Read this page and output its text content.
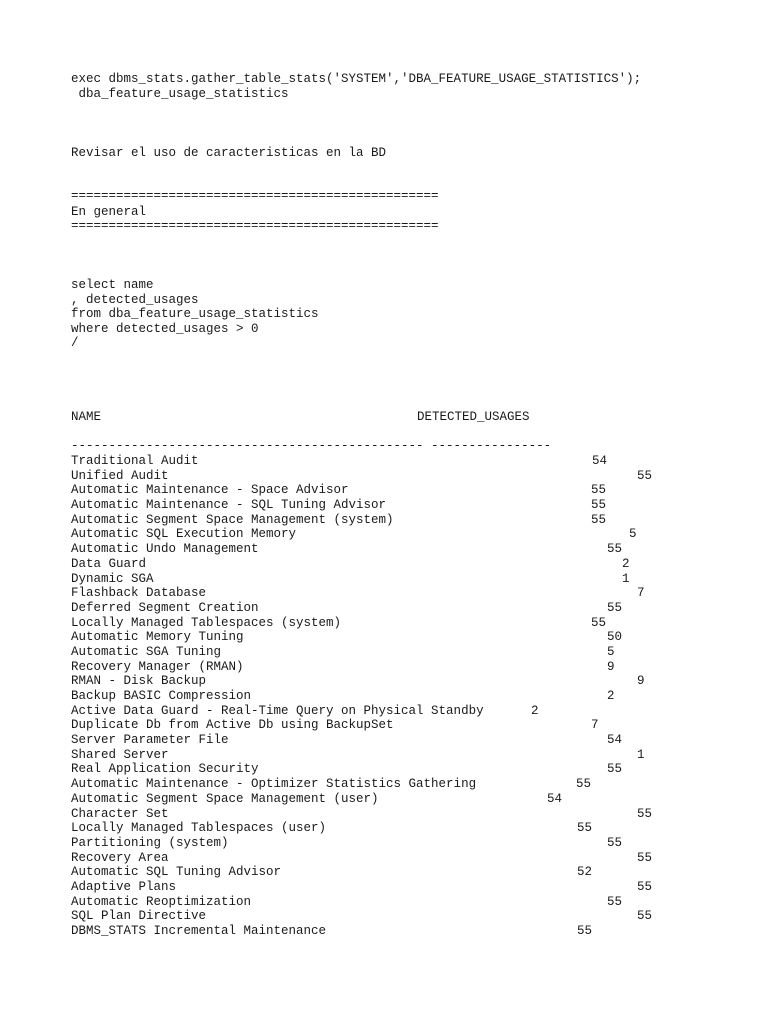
exec dbms_stats.gather_table_stats('SYSTEM','DBA_FEATURE_USAGE_STATISTICS');
dba_feature_usage_statistics
Revisar el uso de caracteristicas en la BD
=================================================
En general
=================================================
select name
, detected_usages
from dba_feature_usage_statistics
where detected_usages > 0
/
NAME	DETECTED_USAGES
----------------------------------------------- ----------------
Traditional Audit	54
Unified Audit	55
Automatic Maintenance - Space Advisor	55
Automatic Maintenance - SQL Tuning Advisor	55
Automatic Segment Space Management (system)	55
Automatic SQL Execution Memory	5
Automatic Undo Management	55
Data Guard	2
Dynamic SGA	1
Flashback Database	7
Deferred Segment Creation	55
Locally Managed Tablespaces (system)	55
Automatic Memory Tuning	50
Automatic SGA Tuning	5
Recovery Manager (RMAN)	9
RMAN - Disk Backup	9
Backup BASIC Compression	2
Active Data Guard - Real-Time Query on Physical Standby	2
Duplicate Db from Active Db using BackupSet	7
Server Parameter File	54
Shared Server	1
Real Application Security	55
Automatic Maintenance - Optimizer Statistics Gathering	55
Automatic Segment Space Management (user)	54
Character Set	55
Locally Managed Tablespaces (user)	55
Partitioning (system)	55
Recovery Area	55
Automatic SQL Tuning Advisor	52
Adaptive Plans	55
Automatic Reoptimization	55
SQL Plan Directive	55
DBMS_STATS Incremental Maintenance	55
